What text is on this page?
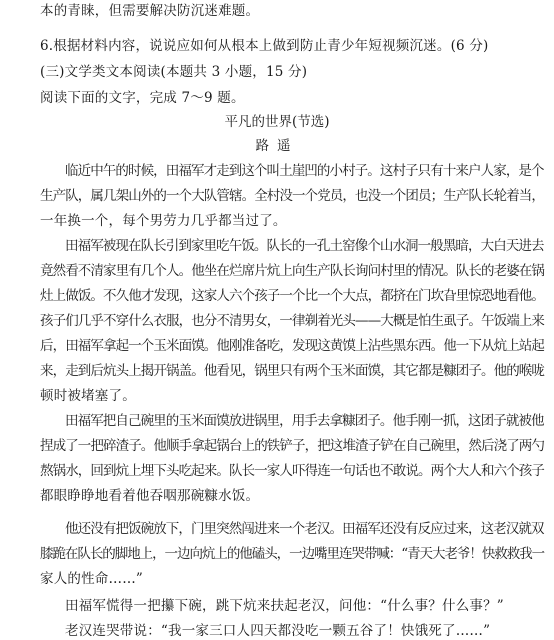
本的青睐，但需要解决防沉迷难题。
6.根据材料内容，说说应如何从根本上做到防止青少年短视频沉迷。(6 分)
(三)文学类文本阅读(本题共 3 小题，15 分)
阅读下面的文字，完成 7～9 题。
平凡的世界(节选)
路遥
临近中午的时候，田福军才走到这个叫土崖凹的小村子。这村子只有十来户人家，是个
生产队，属几架山外的一个大队管辖。全村没一个党员，也没一个团员；生产队长轮着当，
一年换一个，每个男劳力几乎都当过了。
田福军被现在队长引到家里吃午饭。队长的一孔土窑像个山水洞一般黑暗，大白天进去
竟然看不清家里有几个人。他坐在烂席片炕上向生产队长询问村里的情况。队长的老婆在锅
灶上做饭。不久他才发现，这家人六个孩子一个比一个大点，都挤在门坎旮里惊恐地看他。
孩子们几乎不穿什么衣服，也分不清男女，一律剃着光头——大概是怕生虱子。午饭端上来
后，田福军拿起一个玉米面馍。他刚准备吃，发现这黄馍上沾些黑东西。他一下从炕上站起
来，走到后炕头上揭开锅盖。他看见，锅里只有两个玉米面馍，其它都是糠团子。他的喉咙
顿时被堵塞了。
田福军把自己碗里的玉米面馍放进锅里，用手去拿糠团子。他手刚一抓，这团子就被他
捏成了一把碎渣子。他顺手拿起锅台上的铁铲子，把这堆渣子铲在自己碗里，然后浇了两勺
熬锅水，回到炕上埋下头吃起来。队长一家人吓得连一句话也不敢说。两个大人和六个孩子
都眼睁睁地看着他吞咽那碗糠水饭。
他还没有把饭碗放下，门里突然闯进来一个老汉。田福军还没有反应过来，这老汉就双
膝跪在队长的脚地上，一边向炕上的他磕头，一边嘴里连哭带喊：“青天大老爷！快救救我一
家人的性命……”
田福军慌得一把攥下碗，跳下炕来扶起老汉，问他：“什么事？什么事？”
老汉连哭带说：“我一家三口人四天都没吃一颗五谷了！快饿死了……”
